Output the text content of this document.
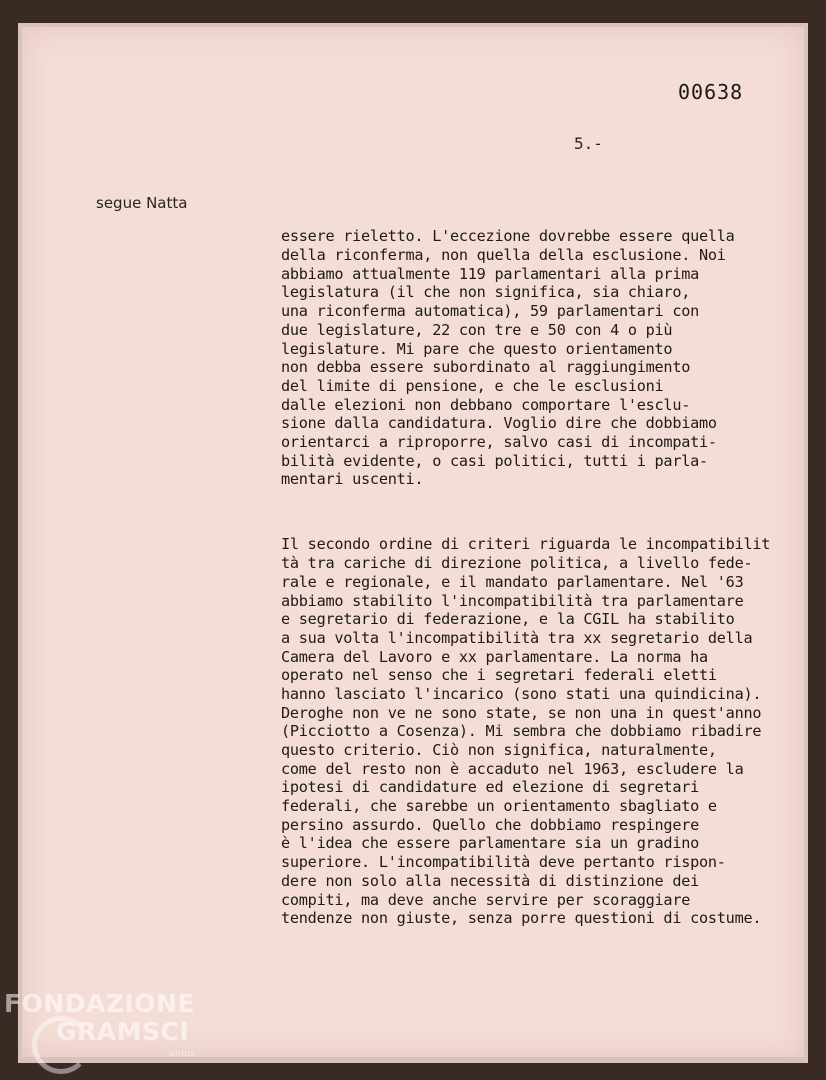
00638
5.-
segue Natta

essere rieletto. L'eccezione dovrebbe essere quella
della riconferma, non quella della esclusione. Noi
abbiamo attualmente 119 parlamentari alla prima
legislatura (il che non significa, sia chiaro,
una riconferma automatica), 59 parlamentari con
due legislature, 22 con tre e 50 con 4 o più
legislature. Mi pare che questo orientamento
non debba essere subordinato al raggiungimento
del limite di pensione, e che le esclusioni
dalle elezioni non debbano comportare l'esclu-
sione dalla candidatura. Voglio dire che dobbiamo
orientarci a riproporre, salvo casi di incompati-
bilità evidente, o casi politici, tutti i parla-
mentari uscenti.

Il secondo ordine di criteri riguarda le incompatibilit
tà tra cariche di direzione politica, a livello fede-
rale e regionale, e il mandato parlamentare. Nel '63
abbiamo stabilito l'incompatibilità tra parlamentare
e segretario di federazione, e la CGIL ha stabilito
a sua volta l'incompatibilità tra xx segretario della
Camera del Lavoro e xx parlamentare. La norma ha
operato nel senso che i segretari federali eletti
hanno lasciato l'incarico (sono stati una quindicina).
Deroghe non ve ne sono state, se non una in quest'anno
(Picciotto a Cosenza). Mi sembra che dobbiamo ribadire
questo criterio. Ciò non significa, naturalmente,
come del resto non è accaduto nel 1963, escludere la
ipotesi di candidature ed elezione di segretari
federali, che sarebbe un orientamento sbagliato e
persino assurdo. Quello che dobbiamo respingere
è l'idea che essere parlamentare sia un gradino
superiore. L'incompatibilità deve pertanto rispon-
dere non solo alla necessità di distinzione dei
compiti, ma deve anche servire per scoraggiare
tendenze non giuste, senza porre questioni di costume.

FONDAZIONE
GRAMSCI
onlus
